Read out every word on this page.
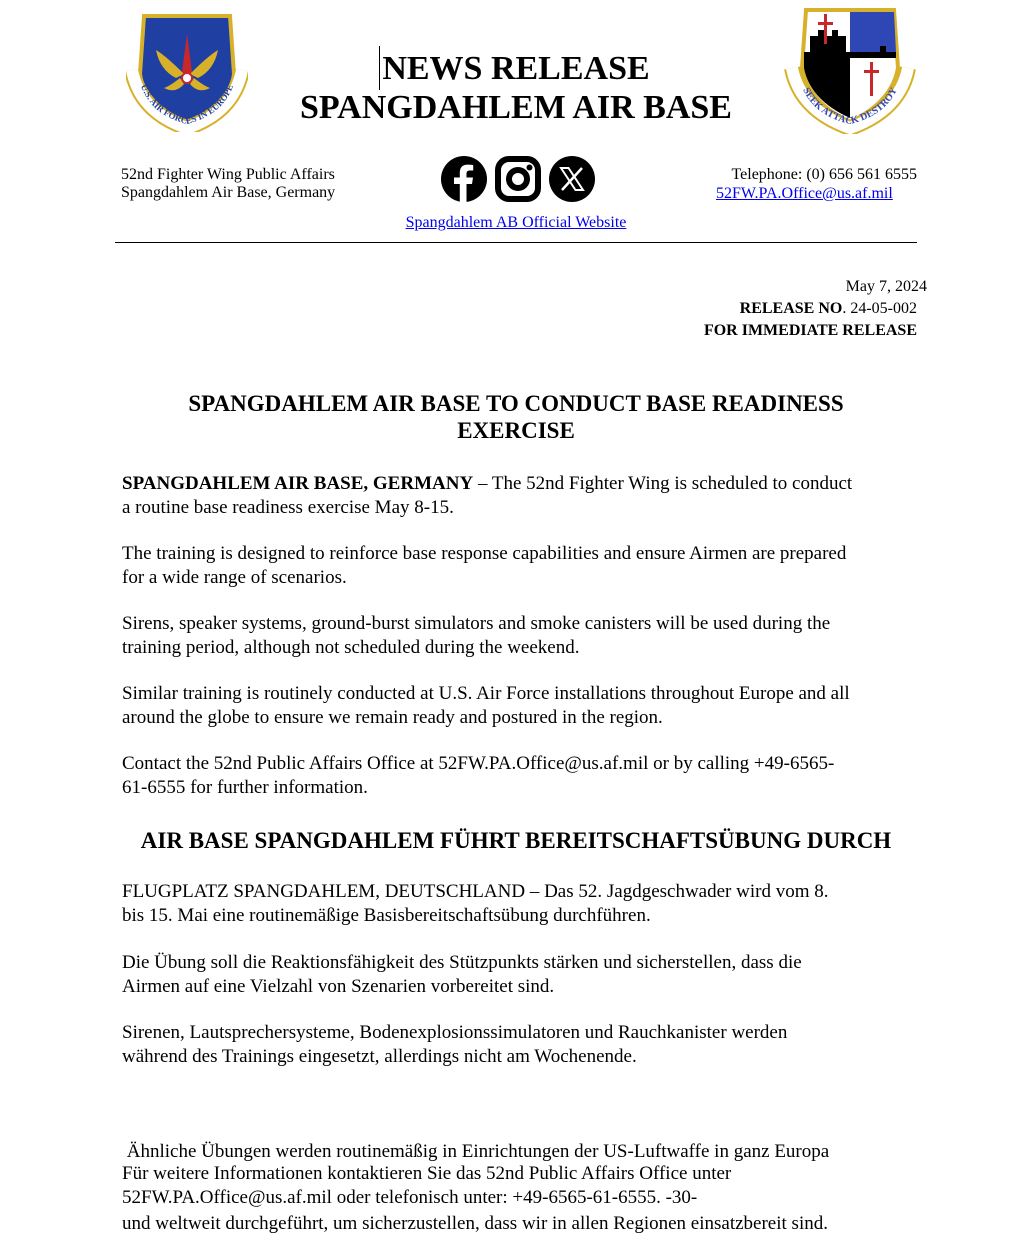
U.S. AIR FORCES IN EUROPE	SEEK ATTACK DESTROY
NEWS RELEASE
SPANGDAHLEM AIR BASE
52nd Fighter Wing Public Affairs
Spangdahlem Air Base, Germany
Telephone: (0) 656 561 6555
52FW.PA.Office@us.af.mil
Spangdahlem AB Official Website
May 7, 2024
RELEASE NO. 24-05-002
FOR IMMEDIATE RELEASE
SPANGDAHLEM AIR BASE TO CONDUCT BASE READINESS
EXERCISE
SPANGDAHLEM AIR BASE, GERMANY – The 52nd Fighter Wing is scheduled to conduct
a routine base readiness exercise May 8-15.
The training is designed to reinforce base response capabilities and ensure Airmen are prepared
for a wide range of scenarios.
Sirens, speaker systems, ground-burst simulators and smoke canisters will be used during the
training period, although not scheduled during the weekend.
Similar training is routinely conducted at U.S. Air Force installations throughout Europe and all
around the globe to ensure we remain ready and postured in the region.
Contact the 52nd Public Affairs Office at 52FW.PA.Office@us.af.mil or by calling +49-6565-
61-6555 for further information.
AIR BASE SPANGDAHLEM FÜHRT BEREITSCHAFTSÜBUNG DURCH
FLUGPLATZ SPANGDAHLEM, DEUTSCHLAND – Das 52. Jagdgeschwader wird vom 8.
bis 15. Mai eine routinemäßige Basisbereitschaftsübung durchführen.
Die Übung soll die Reaktionsfähigkeit des Stützpunkts stärken und sicherstellen, dass die
Airmen auf eine Vielzahl von Szenarien vorbereitet sind.
Sirenen, Lautsprechersysteme, Bodenexplosionssimulatoren und Rauchkanister werden
während des Trainings eingesetzt, allerdings nicht am Wochenende.

Ähnliche Übungen werden routinemäßig in Einrichtungen der US-Luftwaffe in ganz Europa

und weltweit durchgeführt, um sicherzustellen, dass wir in allen Regionen einsatzbereit sind.

Für weitere Informationen kontaktieren Sie das 52nd Public Affairs Office unter
52FW.PA.Office@us.af.mil oder telefonisch unter: +49-6565-61-6555. -30-
